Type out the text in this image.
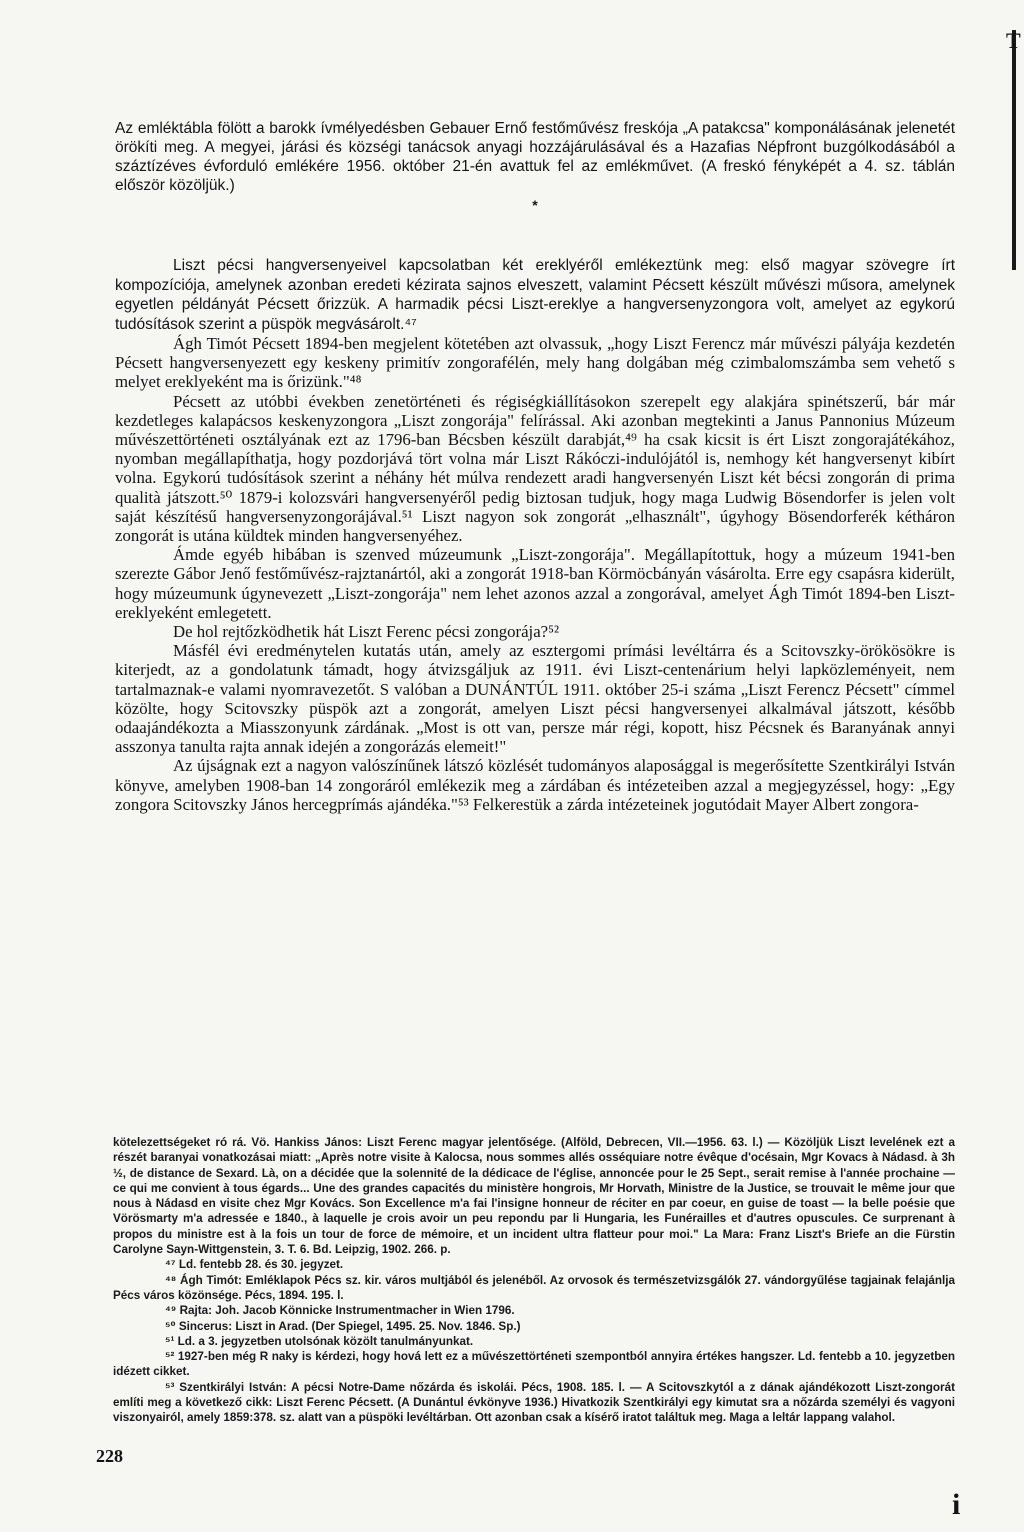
T

Az emléktábla fölött a barokk ívmélyedésben Gebauer Ernő festőművész freskója „A patakcsa" komponálásának jelenetét örökíti meg. A megyei, járási és községi tanácsok anyagi hozzájárulásával és a Hazafias Népfront buzgólkodásából a száztízéves évforduló emlékére 1956. október 21-én avattuk fel az emlékművet. (A freskó fényképét a 4. sz. táblán először közöljük.)

*

Liszt pécsi hangversenyeivel kapcsolatban két ereklyéről emlékeztünk meg: első magyar szövegre írt kompozíciója, amelynek azonban eredeti kézirata sajnos elveszett, valamint Pécsett készült művészi műsora, amelynek egyetlen példányát Pécsett őrizzük. A harmadik pécsi Liszt-ereklye a hangversenyzongora volt, amelyet az egykorú tudósítások szerint a püspök megvásárolt.⁴⁷

Ágh Timót Pécsett 1894-ben megjelent kötetében azt olvassuk, „hogy Liszt Ferencz már művészi pályája kezdetén Pécsett hangversenyezett egy keskeny primitív zongorafélén, mely hang dolgában még czimbalomszámba sem vehető s melyet ereklyeként ma is őrizünk."⁴⁸

Pécsett az utóbbi években zenetörténeti és régiségkiállításokon szerepelt egy alakjára spinétszerű, bár már kezdetleges kalapácsos keskenyzongora „Liszt zongorája" felírással. Aki azonban megtekinti a Janus Pannonius Múzeum művészettörténeti osztályának ezt az 1796-ban Bécsben készült darabját,⁴⁹ ha csak kicsit is ért Liszt zongorajátékához, nyomban megállapíthatja, hogy pozdorjává tört volna már Liszt Rákóczi-indulójától is, nemhogy két hangversenyt kibírt volna. Egykorú tudósítások szerint a néhány hét múlva rendezett aradi hangversenyén Liszt két bécsi zongorán di prima qualità játszott.⁵⁰ 1879-i kolozsvári hangversenyéről pedig biztosan tudjuk, hogy maga Ludwig Bösendorfer is jelen volt saját készítésű hangversenyzongorájával.⁵¹ Liszt nagyon sok zongorát „elhasznált", úgyhogy Bösendorferék kétháron zongorát is utána küldtek minden hangversenyéhez.

Ámde egyéb hibában is szenved múzeumunk „Liszt-zongorája". Megállapítottuk, hogy a múzeum 1941-ben szerezte Gábor Jenő festőművész-rajztanártól, aki a zongorát 1918-ban Körmöcbányán vásárolta. Erre egy csapásra kiderült, hogy múzeumunk úgynevezett „Liszt-zongorája" nem lehet azonos azzal a zongorával, amelyet Ágh Timót 1894-ben Liszt-ereklyeként emlegetett.

De hol rejtőzködhetik hát Liszt Ferenc pécsi zongorája?⁵²

Másfél évi eredménytelen kutatás után, amely az esztergomi prímási levéltárra és a Scitovszky-örökösökre is kiterjedt, az a gondolatunk támadt, hogy átvizsgáljuk az 1911. évi Liszt-centenárium helyi lapközleményeit, nem tartalmaznak-e valami nyomravezetőt. S valóban a DUNÁNTÚL 1911. október 25-i száma „Liszt Ferencz Pécsett" címmel közölte, hogy Scitovszky püspök azt a zongorát, amelyen Liszt pécsi hangversenyei alkalmával játszott, később odaajándékozta a Miasszonyunk zárdának. „Most is ott van, persze már régi, kopott, hisz Pécsnek és Baranyának annyi asszonya tanulta rajta annak idején a zongorázás elemeit!"

Az újságnak ezt a nagyon valószínűnek látszó közlését tudományos alaposággal is megerősítette Szentkirályi István könyve, amelyben 1908-ban 14 zongoráról emlékezik meg a zárdában és intézeteiben azzal a megjegyzéssel, hogy: „Egy zongora Scitovszky János hercegprímás ajándéka."⁵³ Felkerestük a zárda intézeteinek jogutódait Mayer Albert zongora-

kötelezettségeket ró rá. Vö. Hankiss János: Liszt Ferenc magyar jelentősége. (Alföld, Debrecen, VII.—1956. 63. l.) — Közöljük Liszt levelének ezt a részét baranyai vonatkozásai miatt: „Après notre visite à Kalocsa, nous sommes allés osséquiare notre évêque d'océsain, Mgr Kovacs à Nádasd. à 3h ½, de distance de Sexard. Là, on a décidée que la solennité de la dédicace de l'église, annoncée pour le 25 Sept., serait remise à l'année prochaine — ce qui me convient à tous égards... Une des grandes capacités du ministère hongrois, Mr Horvath, Ministre de la Justice, se trouvait le même jour que nous à Nádasd en visite chez Mgr Kovács. Son Excellence m'a fai l'insigne honneur de réciter en par coeur, en guise de toast — la belle poésie que Vörösmarty m'a adressée e 1840., à laquelle je crois avoir un peu repondu par li Hungaria, les Funérailles et d'autres opuscules. Ce surprenant à propos du ministre est à la fois un tour de force de mémoire, et un incident ultra flatteur pour moi." La Mara: Franz Liszt's Briefe an die Fürstin Carolyne Sayn-Wittgenstein, 3. T. 6. Bd. Leipzig, 1902. 266. p.

⁴⁷ Ld. fentebb 28. és 30. jegyzet.

⁴⁸ Ágh Timót: Emléklapok Pécs sz. kir. város multjából és jelenéből. Az orvosok és természetvizsgálók 27. vándorgyűlése tagjainak felajánlja Pécs város közönsége. Pécs, 1894. 195. l.

⁴⁹ Rajta: Joh. Jacob Könnicke Instrumentmacher in Wien 1796.

⁵⁰ Sincerus: Liszt in Arad. (Der Spiegel, 1495. 25. Nov. 1846. Sp.)

⁵¹ Ld. a 3. jegyzetben utolsónak közölt tanulmányunkat.

⁵² 1927-ben még R naky is kérdezi, hogy hová lett ez a művészettörténeti szempontból annyira értékes hangszer. Ld. fentebb a 10. jegyzetben idézett cikket.

⁵³ Szentkirályi István: A pécsi Notre-Dame nőzárda és iskolái. Pécs, 1908. 185. l. — A Scitovszkytól a z dának ajándékozott Liszt-zongorát említi meg a következő cikk: Liszt Ferenc Pécsett. (A Dunántul évkönyve 1936.) Hivatkozik Szentkirályi egy kimutat sra a nőzárda személyi és vagyoni viszonyairól, amely 1859:378. sz. alatt van a püspöki levéltárban. Ott azonban csak a kísérő iratot találtuk meg. Maga a leltár lappang valahol.

228
i
